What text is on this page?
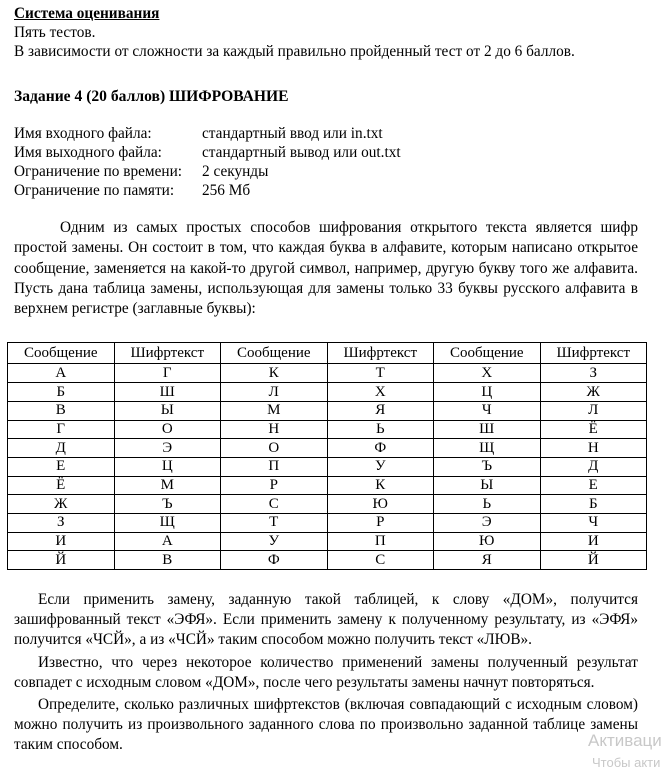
Система оценивания
Пять тестов.
В зависимости от сложности за каждый правильно пройденный тест от 2 до 6 баллов.
Задание 4 (20 баллов) ШИФРОВАНИЕ
Имя входного файла:	стандартный ввод или in.txt
Имя выходного файла:	стандартный вывод или out.txt
Ограничение по времени:	2 секунды
Ограничение по памяти:	256 Мб
Одним из самых простых способов шифрования открытого текста является шифр простой замены. Он состоит в том, что каждая буква в алфавите, которым написано открытое сообщение, заменяется на какой-то другой символ, например, другую букву того же алфавита. Пусть дана таблица замены, использующая для замены только 33 буквы русского алфавита в верхнем регистре (заглавные буквы):
Сообщение	Шифртекст	Сообщение	Шифртекст	Сообщение	Шифртекст
А	Г	К	Т	Х	З
Б	Ш	Л	Х	Ц	Ж
В	Ы	М	Я	Ч	Л
Г	О	Н	Ь	Ш	Ё
Д	Э	О	Ф	Щ	Н
Е	Ц	П	У	Ъ	Д
Ё	М	Р	К	Ы	Е
Ж	Ъ	С	Ю	Ь	Б
З	Щ	Т	Р	Э	Ч
И	А	У	П	Ю	И
Й	В	Ф	С	Я	Й
Если применить замену, заданную такой таблицей, к слову «ДОМ», получится зашифрованный текст «ЭФЯ». Если применить замену к полученному результату, из «ЭФЯ» получится «ЧСЙ», а из «ЧСЙ» таким способом можно получить текст «ЛЮВ».
Известно, что через некоторое количество применений замены полученный результат совпадет с исходным словом «ДОМ», после чего результаты замены начнут повторяться.
Определите, сколько различных шифртекстов (включая совпадающий с исходным словом) можно получить из произвольного заданного слова по произвольно заданной таблице замены таким способом.	Активаци
Чтобы акти
